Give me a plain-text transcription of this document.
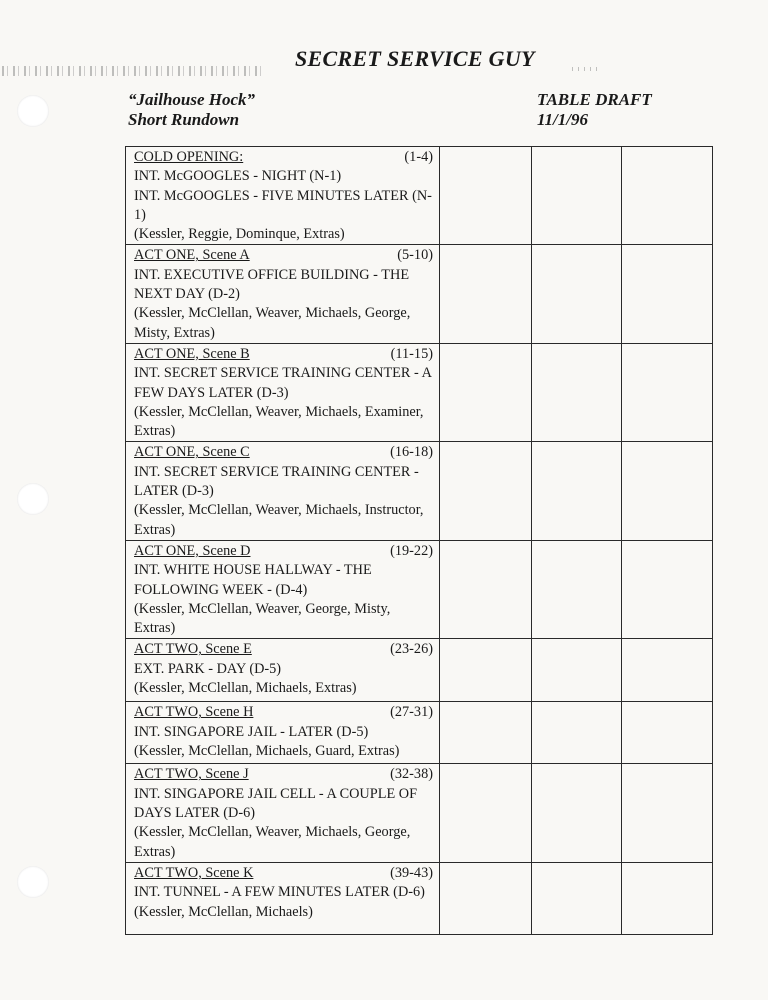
SECRET SERVICE GUY
“Jailhouse Hock”
Short Rundown
TABLE DRAFT
11/1/96
COLD OPENING: (1-4)
INT. McGOOGLES - NIGHT (N-1)
INT. McGOOGLES - FIVE MINUTES LATER (N-1)
(Kessler, Reggie, Dominque, Extras)			

ACT ONE, Scene A (5-10)
INT. EXECUTIVE OFFICE BUILDING - THE NEXT DAY (D-2)
(Kessler, McClellan, Weaver, Michaels, George, Misty, Extras)			

ACT ONE, Scene B (11-15)
INT. SECRET SERVICE TRAINING CENTER - A FEW DAYS LATER (D-3)
(Kessler, McClellan, Weaver, Michaels, Examiner, Extras)			

ACT ONE, Scene C (16-18)
INT. SECRET SERVICE TRAINING CENTER - LATER (D-3)
(Kessler, McClellan, Weaver, Michaels, Instructor, Extras)			

ACT ONE, Scene D (19-22)
INT. WHITE HOUSE HALLWAY - THE FOLLOWING WEEK - (D-4)
(Kessler, McClellan, Weaver, George, Misty, Extras)			

ACT TWO, Scene E (23-26)
EXT. PARK - DAY (D-5)
(Kessler, McClellan, Michaels, Extras)			

ACT TWO, Scene H (27-31)
INT. SINGAPORE JAIL - LATER (D-5)
(Kessler, McClellan, Michaels, Guard, Extras)			

ACT TWO, Scene J (32-38)
INT. SINGAPORE JAIL CELL - A COUPLE OF DAYS LATER (D-6)
(Kessler, McClellan, Weaver, Michaels, George, Extras)			

ACT TWO, Scene K (39-43)
INT. TUNNEL - A FEW MINUTES LATER (D-6)
(Kessler, McClellan, Michaels)			
